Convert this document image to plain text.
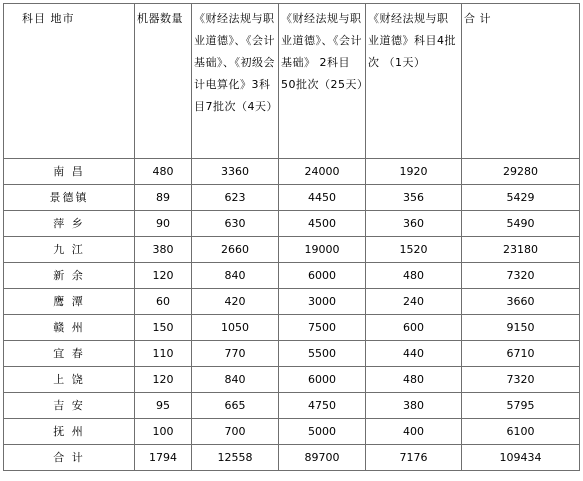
科目 地市	机器数量	《财经法规与职业道德》、《会计基础》、《初级会计电算化》3科目7批次（4天）	《财经法规与职业道德》、《会计基础》 2科目50批次（25天）	《财经法规与职业道德》科目4批次 （1天）	合 计
南 昌	480	3360	24000	1920	29280
景德镇	89	623	4450	356	5429
萍 乡	90	630	4500	360	5490
九 江	380	2660	19000	1520	23180
新 余	120	840	6000	480	7320
鹰 潭	60	420	3000	240	3660
赣 州	150	1050	7500	600	9150
宜 春	110	770	5500	440	6710
上 饶	120	840	6000	480	7320
吉 安	95	665	4750	380	5795
抚 州	100	700	5000	400	6100
合 计	1794	12558	89700	7176	109434
